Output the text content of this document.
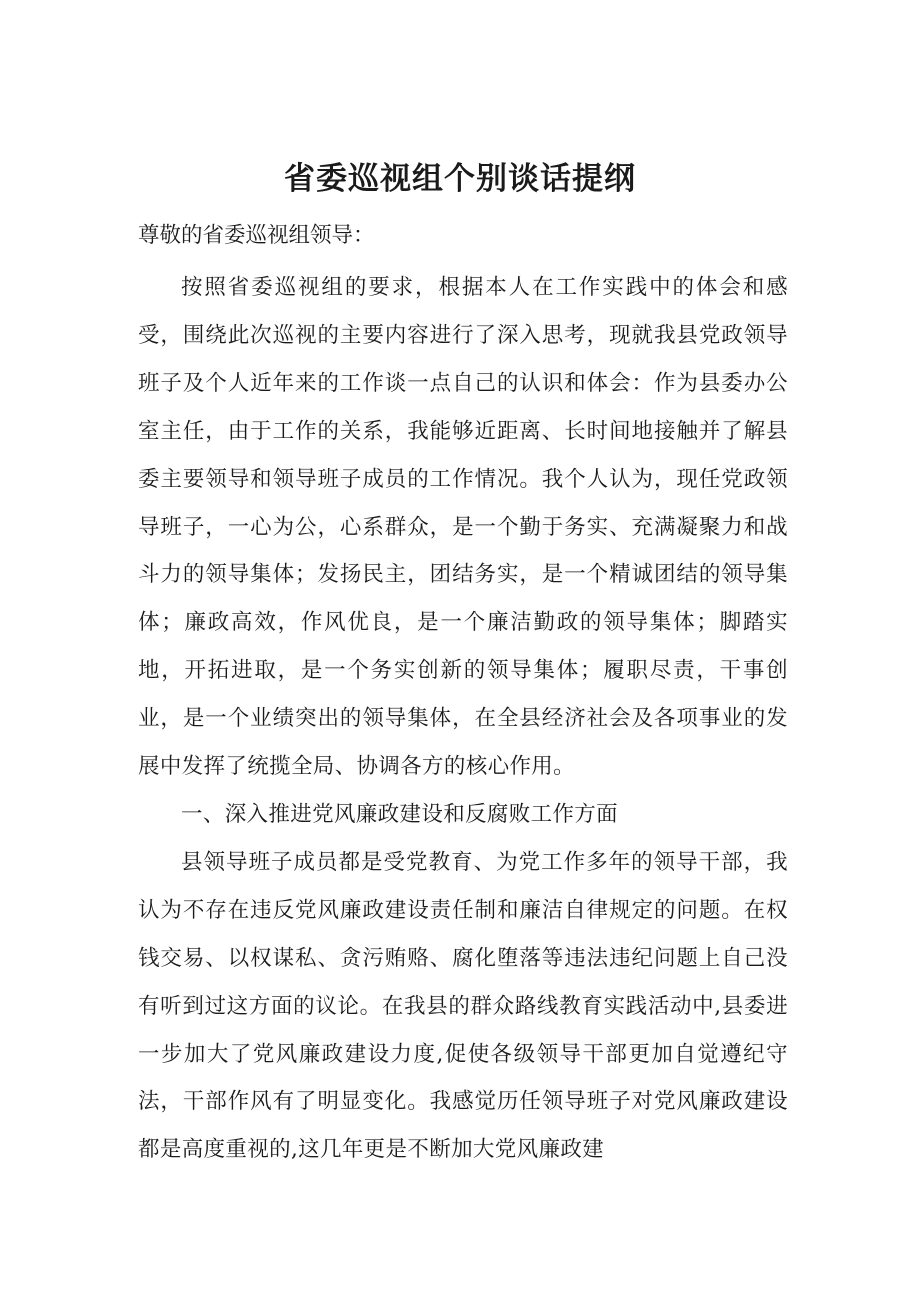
省委巡视组个别谈话提纲

尊敬的省委巡视组领导：

按照省委巡视组的要求，根据本人在工作实践中的体会和感受，围绕此次巡视的主要内容进行了深入思考，现就我县党政领导班子及个人近年来的工作谈一点自己的认识和体会：作为县委办公室主任，由于工作的关系，我能够近距离、长时间地接触并了解县委主要领导和领导班子成员的工作情况。我个人认为，现任党政领导班子，一心为公，心系群众，是一个勤于务实、充满凝聚力和战斗力的领导集体；发扬民主，团结务实，是一个精诚团结的领导集体；廉政高效，作风优良，是一个廉洁勤政的领导集体；脚踏实地，开拓进取，是一个务实创新的领导集体；履职尽责，干事创业，是一个业绩突出的领导集体，在全县经济社会及各项事业的发展中发挥了统揽全局、协调各方的核心作用。

一、深入推进党风廉政建设和反腐败工作方面

县领导班子成员都是受党教育、为党工作多年的领导干部，我认为不存在违反党风廉政建设责任制和廉洁自律规定的问题。在权钱交易、以权谋私、贪污贿赂、腐化堕落等违法违纪问题上自己没有听到过这方面的议论。在我县的群众路线教育实践活动中,县委进一步加大了党风廉政建设力度,促使各级领导干部更加自觉遵纪守法，干部作风有了明显变化。我感觉历任领导班子对党风廉政建设都是高度重视的,这几年更是不断加大党风廉政建
